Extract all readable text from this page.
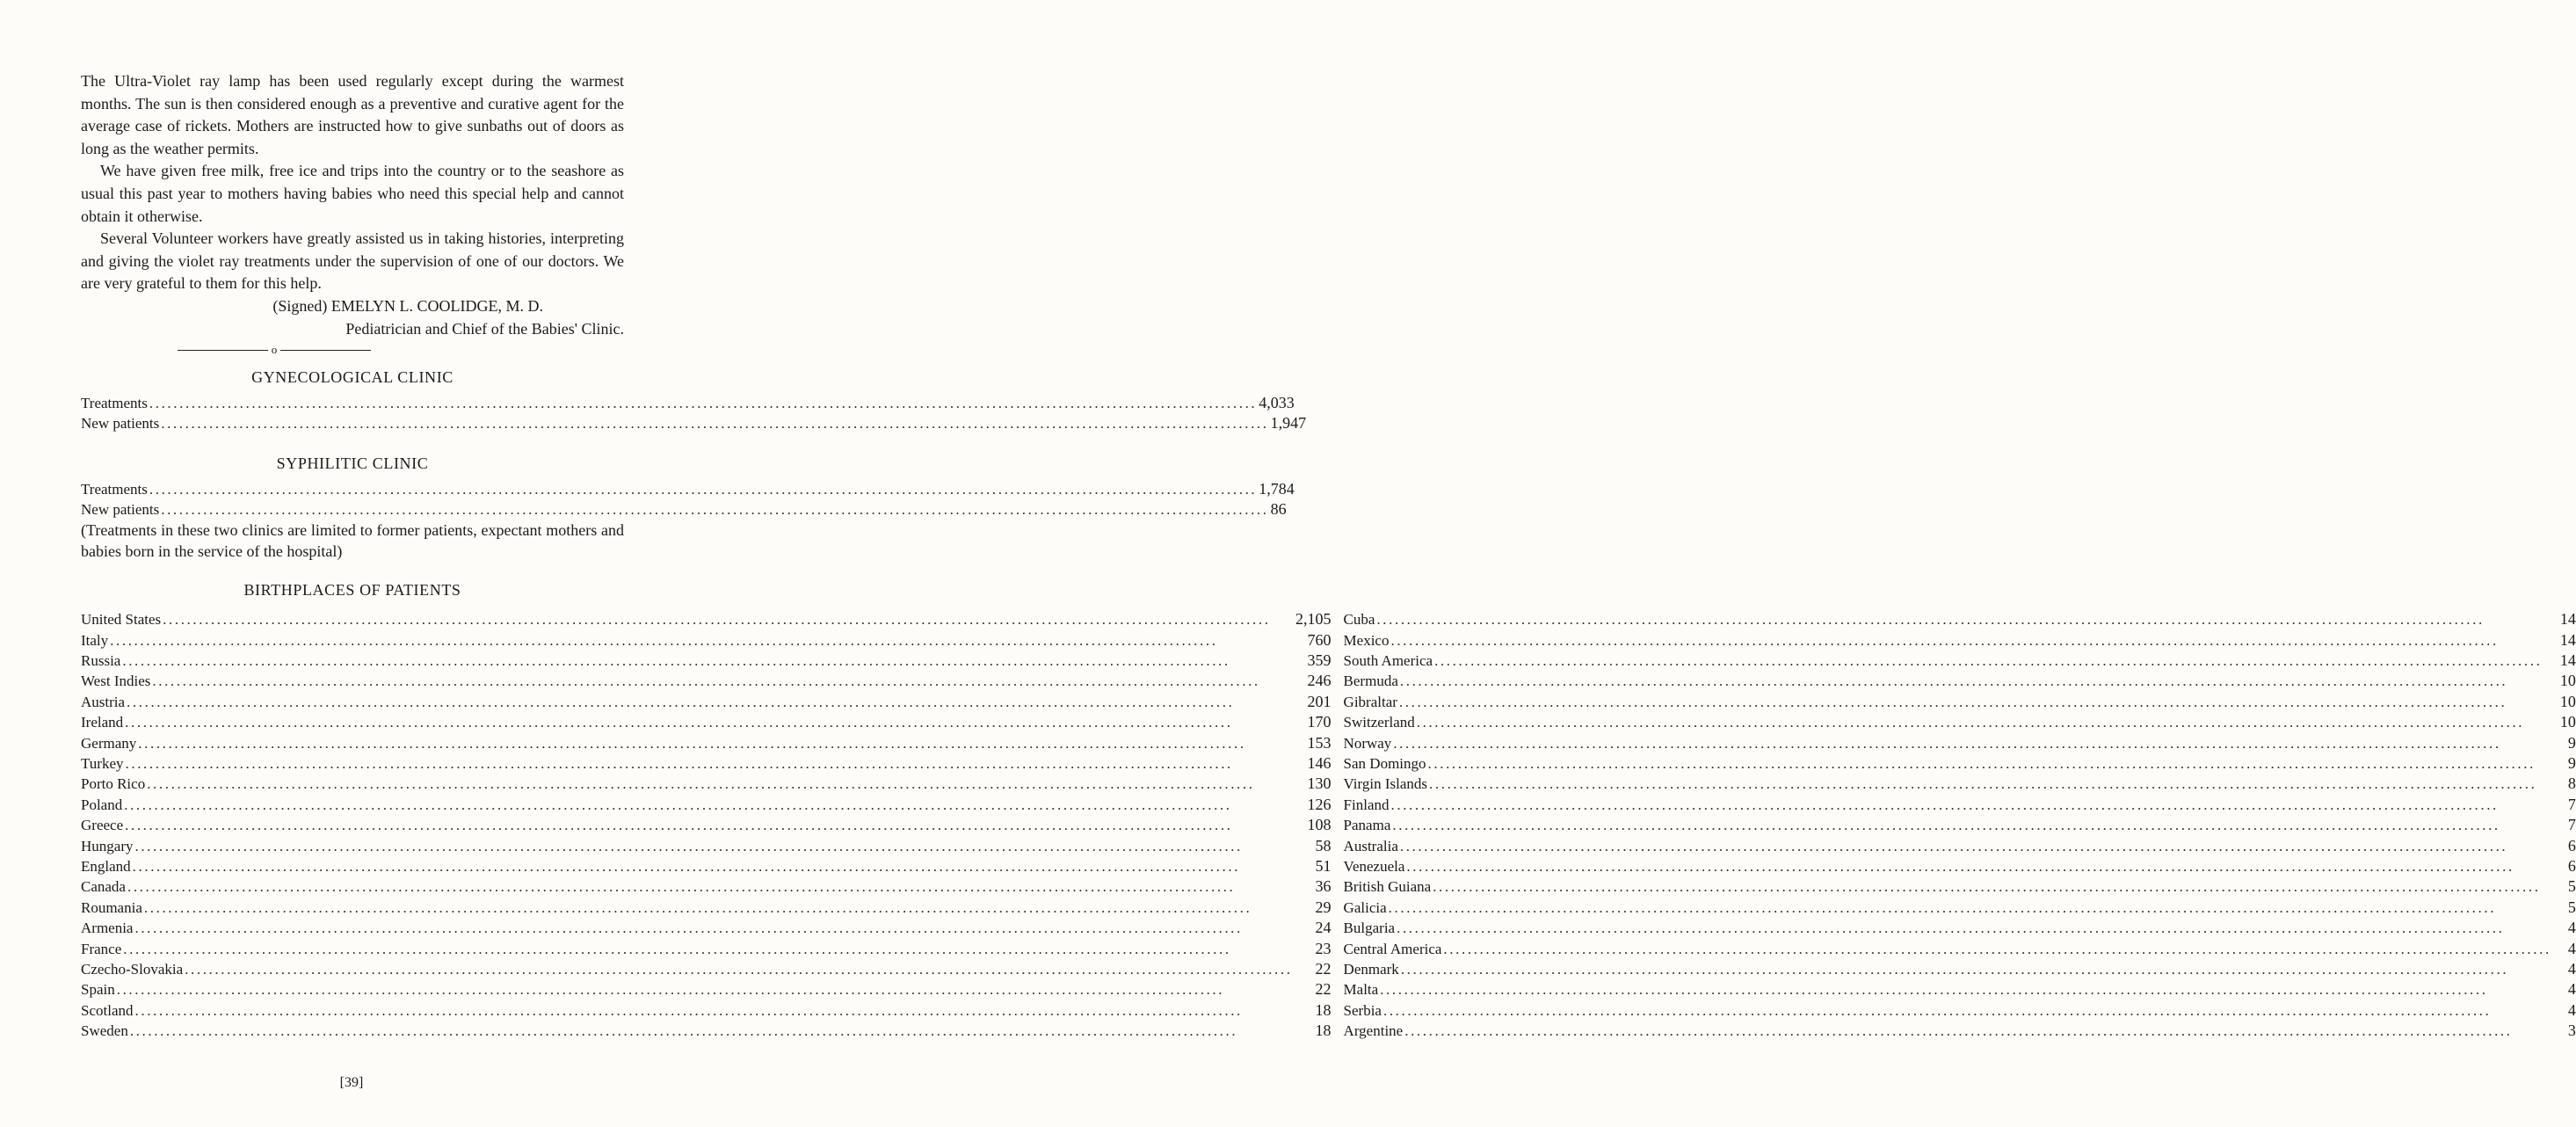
The Ultra-Violet ray lamp has been used regularly except during the warmest months. The sun is then considered enough as a preventive and curative agent for the average case of rickets. Mothers are instructed how to give sunbaths out of doors as long as the weather permits.

We have given free milk, free ice and trips into the country or to the seashore as usual this past year to mothers having babies who need this special help and cannot obtain it otherwise.

Several Volunteer workers have greatly assisted us in taking histories, interpreting and giving the violet ray treatments under the supervision of one of our doctors. We are very grateful to them for this help.

(Signed) EMELYN L. COOLIDGE, M. D.
Pediatrician and Chief of the Babies' Clinic.
o
GYNECOLOGICAL CLINIC
Treatments .....	4,033
New patients .....	1,947
SYPHILITIC CLINIC
Treatments .....	1,784
New patients .....	86

(Treatments in these two clinics are limited to former patients, expectant mothers and babies born in the service of the hospital)

BIRTHPLACES OF PATIENTS
United States .....	2,105
Italy .....	760
Russia .....	359
West Indies .....	246
Austria .....	201
Ireland .....	170
Germany .....	153
Turkey .....	146
Porto Rico .....	130
Poland .....	126
Greece .....	108
Hungary .....	58
England .....	51
Canada .....	36
Roumania .....	29
Armenia .....	24
France .....	23
Czecho-Slovakia .....	22
Spain .....	22
Scotland .....	18
Sweden .....	18
Cuba .....	14
Mexico .....	14
South America .....	14
Bermuda .....	10
Gibraltar .....	10
Switzerland .....	10
Norway .....	9
San Domingo .....	9
Virgin Islands .....	8
Finland .....	7
Panama .....	7
Australia .....	6
Venezuela .....	6
British Guiana .....	5
Galicia .....	5
Bulgaria .....	4
Central America .....	4
Denmark .....	4
Malta .....	4
Serbia .....	4
Argentine .....	3
[39]
